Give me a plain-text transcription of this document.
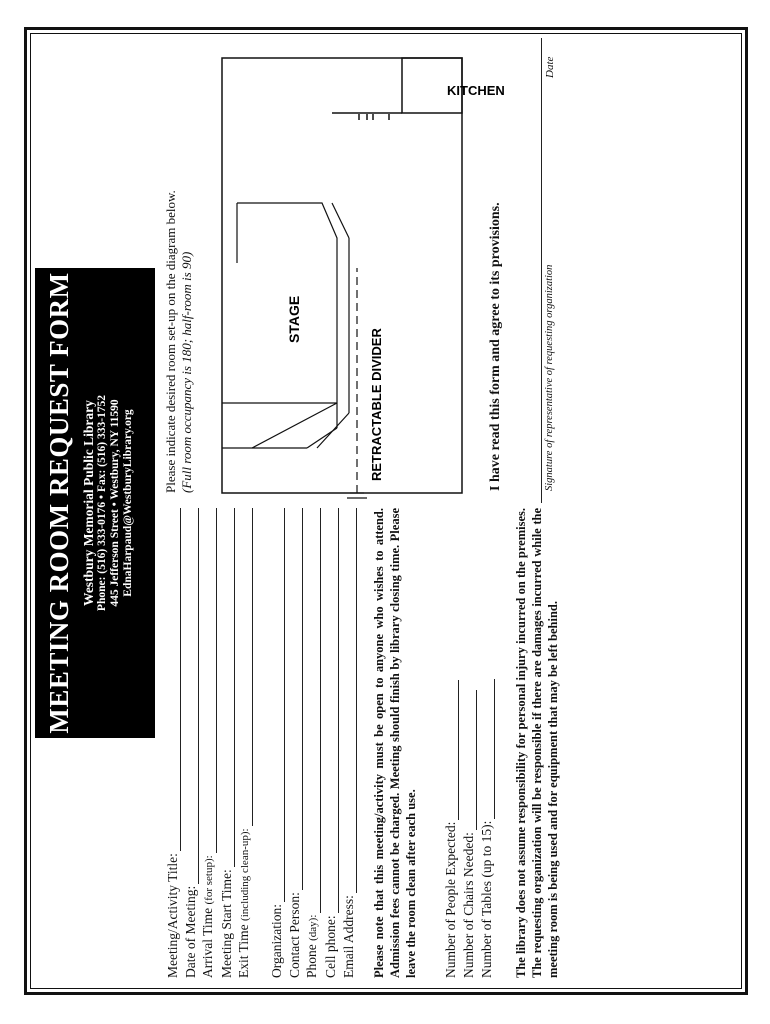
MEETING ROOM REQUEST FORM Westbury Memorial Public Library Phone: (516) 333-0176 • Fax: (516) 333-1752 445 Jefferson Street • Westbury, NY 11590 EdnaHarpaud@WestburyLibrary.org
Meeting/Activity Title: Date of Meeting: Arrival Time (for setup): Meeting Start Time: Exit Time (including clean-up):
Organization: Contact Person: Phone (day): Cell phone: Email Address: Please note that this meeting/activity must be open to anyone who wishes to attend. Admission fees cannot be charged. Meeting should finish by library closing time. Please leave the room clean after each use. Number of People Expected: Number of Chairs Needed: Number of Tables (up to 15): The library does not assume responsibility for personal injury incurred on the premises. The requesting organization will be responsible if there are damages incurred while the meeting room is being used and for equipment that may be left behind.

Please indicate desired room set-up on the diagram below. (Full room occupancy is 180; half-room is 90)

KITCHEN
STAGE
RETRACTABLE DIVIDER	I have read this form and agree to its provisions.	Signature of representative of requesting organization
Date
